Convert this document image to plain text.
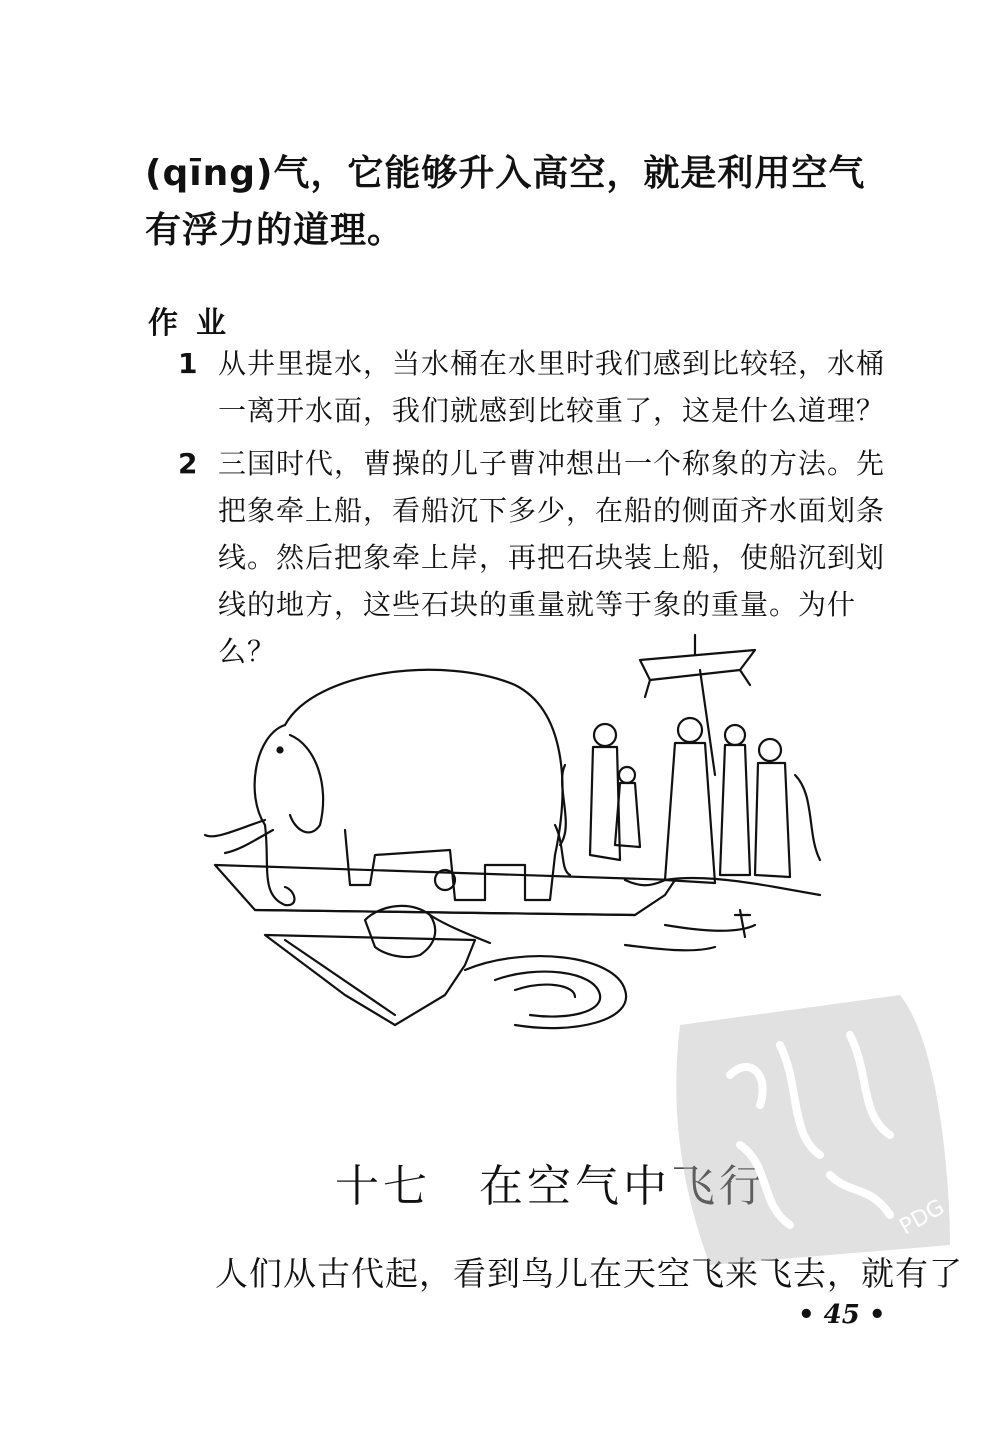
(qīng)气，它能够升入高空，就是利用空气有浮力的道理。
作业
1 从井里提水，当水桶在水里时我们感到比较轻，水桶一离开水面，我们就感到比较重了，这是什么道理？
2 三国时代，曹操的儿子曹冲想出一个称象的方法。先把象牵上船，看船沉下多少，在船的侧面齐水面划条线。然后把象牵上岸，再把石块装上船，使船沉到划线的地方，这些石块的重量就等于象的重量。为什么？
十七　在空气中飞行
人们从古代起，看到鸟儿在天空飞来飞去，就有了
• 45 •
PDG
